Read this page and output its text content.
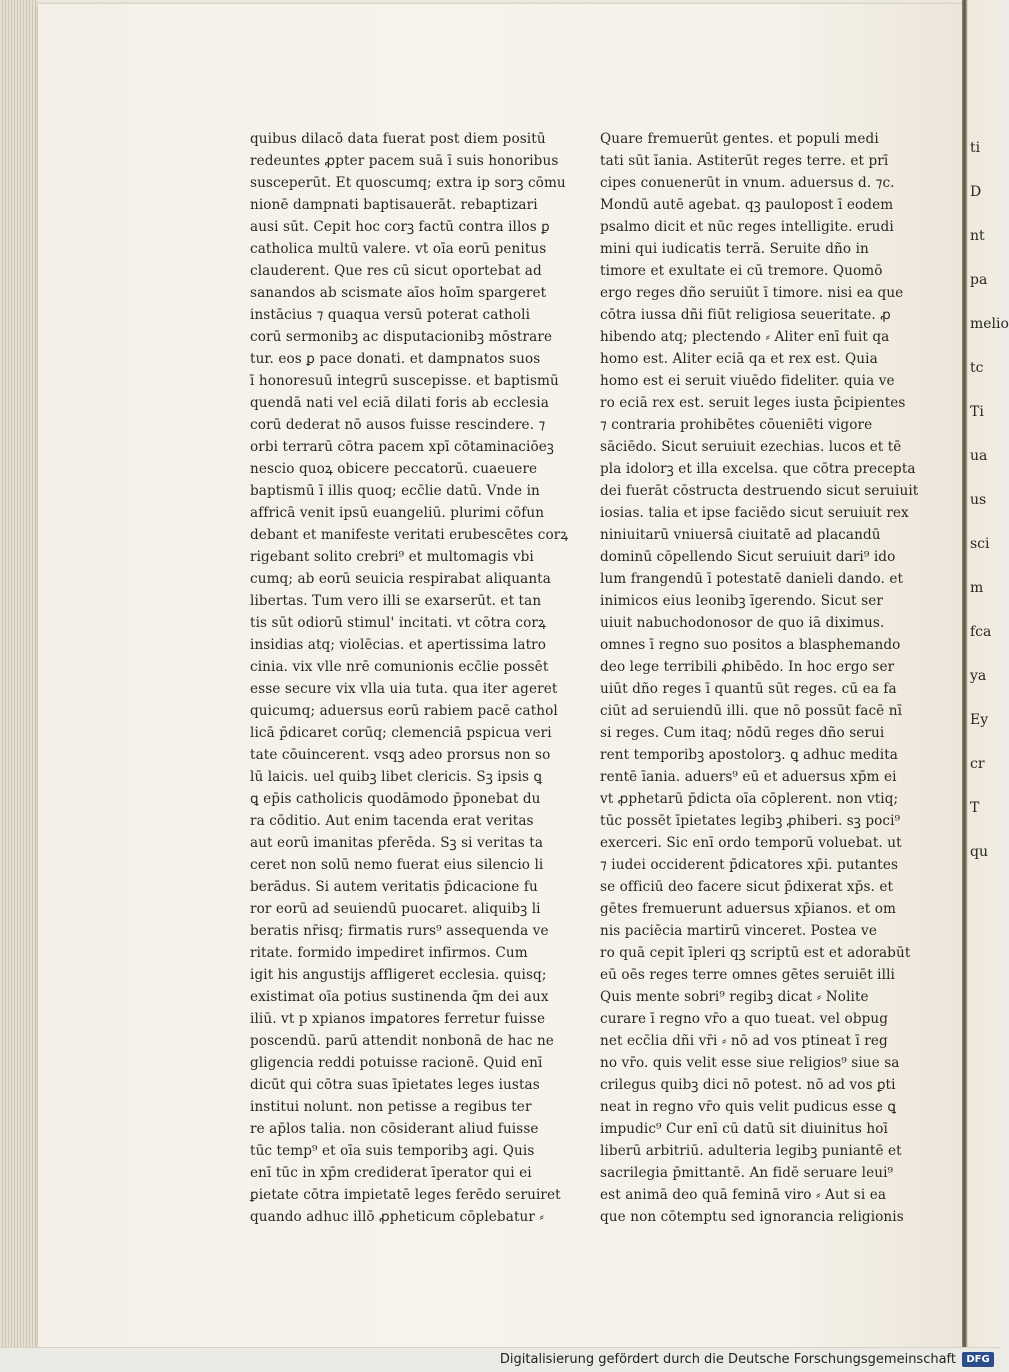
ti
D
nt
pa
melio
tc
Ti
ua
us
sci
m
fca
ya
Ey
cr
T
qu
quibus dilacō data fuerat post diem positū
redeuntes ꝓpter pacem suā ī suis honoribus
susceperūt. Et quoscumq; extra ip sorꝫ cōmu
nionē dampnati baptisauerāt. rebaptizari
ausi sūt. Cepit hoc corꝫ factū contra illos ꝑ
catholica multū valere. vt oīa eorū penitus
clauderent. Que res cū sicut oportebat ad
sanandos ab scismate aīos hoīm spargeret
instācius ⁊ quaqua versū poterat catholi
corū sermonibꝫ ac disputacionibꝫ mōstrare
tur. eos ꝑ pace donati. et dampnatos suos
ī honoresuū integrū suscepisse. et baptismū
quendā nati vel eciā dilati foris ab ecclesia
corū dederat nō ausos fuisse rescindere. ⁊
orbi terrarū cōtra pacem xpī cōtaminaciōeꝫ
nescio quoꝝ obicere peccatorū. cuaeuere
baptismū ī illis quoq; ecc̄lie datū. Vnde in
affricā venit ipsū euangeliū. plurimi cōfun
debant et manifeste veritati erubescētes corꝝ
rigebant solito crebri⁹ et multomagis vbi
cumq; ab eorū seuicia respirabat aliquanta
libertas. Tum vero illi se exarserūt. et tan
tis sūt odiorū stimul' incitati. vt cōtra corꝝ
insidias atq; violēcias. et apertissima latro
cinia. vix vlle nrē comunionis ecc̄lie possēt
esse secure vix vlla uia tuta. qua iter ageret
quicumq; aduersus eorū rabiem pacē cathol
licā p̄dicaret corūq; clemenciā pspicua veri
tate cōuincerent. vsqꝫ adeo prorsus non so
lū laicis. uel quibꝫ libet clericis. Sꝫ ipsis ꝗ
ꝗ ep̄is catholicis quodāmodo p̄ponebat du
ra cōditio. Aut enim tacenda erat veritas
aut eorū imanitas pferēda. Sꝫ si veritas ta
ceret non solū nemo fuerat eius silencio li
berādus. Si autem veritatis p̄dicacione fu
ror eorū ad seuiendū puocaret. aliquibꝫ li
beratis nr̄isq; firmatis rurs⁹ assequenda ve
ritate. formido impediret infirmos. Cum
igit his angustijs affligeret ecclesia. quisq;
existimat oīa potius sustinenda q̄m dei aux
iliū. vt p xpianos imꝑatores ferretur fuisse
poscendū. parū attendit nonbonā de hac ne
gligencia reddi potuisse racionē. Quid enī
dicūt qui cōtra suas īpietates leges iustas
institui nolunt. non petisse a regibus ter
re ap̄los talia. non cōsiderant aliud fuisse
tūc temp⁹ et oīa suis temporibꝫ agi. Quis
enī tūc in xp̄m crediderat īperator qui ei
ꝑietate cōtra impietatē leges ferēdo seruiret
quando adhuc illō ꝓpheticum cōplebatur ⸗
Quare fremuerūt gentes. et populi medi
tati sūt īania. Astiterūt reges terre. et prī
cipes conuenerūt in vnum. aduersus d. ⁊c.
Mondū autē agebat. qꝫ paulopost ī eodem
psalmo dicit et nūc reges intelligite. erudi
mini qui iudicatis terrā. Seruite dño in
timore et exultate ei cū tremore. Quomō
ergo reges dño seruiūt ī timore. nisi ea que
cōtra iussa dñi fiūt religiosa seueritate. ꝓ
hibendo atq; plectendo ⸗ Aliter enī fuit qa
homo est. Aliter eciā qa et rex est. Quia
homo est ei seruit viuēdo fideliter. quia ve
ro eciā rex est. seruit leges iusta p̄cipientes
⁊ contraria prohibētes cōueniēti vigore
sāciēdo. Sicut seruiuit ezechias. lucos et tē
pla idolorꝫ et illa excelsa. que cōtra precepta
dei fuerāt cōstructa destruendo sicut seruiuit
iosias. talia et ipse faciēdo sicut seruiuit rex
niniuitarū vniuersā ciuitatē ad placandū
dominū cōpellendo Sicut seruiuit dari⁹ ido
lum frangendū ī potestatē danieli dando. et
inimicos eius leonibꝫ īgerendo. Sicut ser
uiuit nabuchodonosor de quo iā diximus.
omnes ī regno suo positos a blasphemando
deo lege terribili ꝓhibēdo. In hoc ergo ser
uiūt dño reges ī quantū sūt reges. cū ea fa
ciūt ad seruiendū illi. que nō possūt facē nī
si reges. Cum itaq; nōdū reges dño serui
rent temporibꝫ apostolorꝫ. ꝗ adhuc medita
rentē īania. aduers⁹ eū et aduersus xp̄m ei
vt ꝓphetarū p̄dicta oīa cōplerent. non vtiq;
tūc possēt īpietates legibꝫ ꝓhiberi. sꝫ poci⁹
exerceri. Sic enī ordo temporū voluebat. ut
⁊ iudei occiderent p̄dicatores xp̄i. putantes
se officiū deo facere sicut p̄dixerat xp̄s. et
gētes fremuerunt aduersus xp̄ianos. et om
nis paciēcia martirū vinceret. Postea ve
ro quā cepit īpleri qꝫ scriptū est et adorabūt
eū oēs reges terre omnes gētes seruiēt illi
Quis mente sobri⁹ regibꝫ dicat ⸗ Nolite
curare ī regno vr̄o a quo tueat. vel obpug
net ecc̄lia dñi vr̄i ⸗ nō ad vos ptineat ī reg
no vr̄o. quis velit esse siue religios⁹ siue sa
crilegus quibꝫ dici nō potest. nō ad vos ꝑti
neat in regno vr̄o quis velit pudicus esse ꝗ
impudic⁹ Cur enī cū datū sit diuinitus hoī
liberū arbitriū. adulteria legibꝫ puniantē et
sacrilegia p̄mittantē. An fidē seruare leui⁹
est animā deo quā feminā viro ⸗ Aut si ea
que non cōtemptu sed ignorancia religionis
Digitalisierung gefördert durch die Deutsche Forschungsgemeinschaft	DFG
